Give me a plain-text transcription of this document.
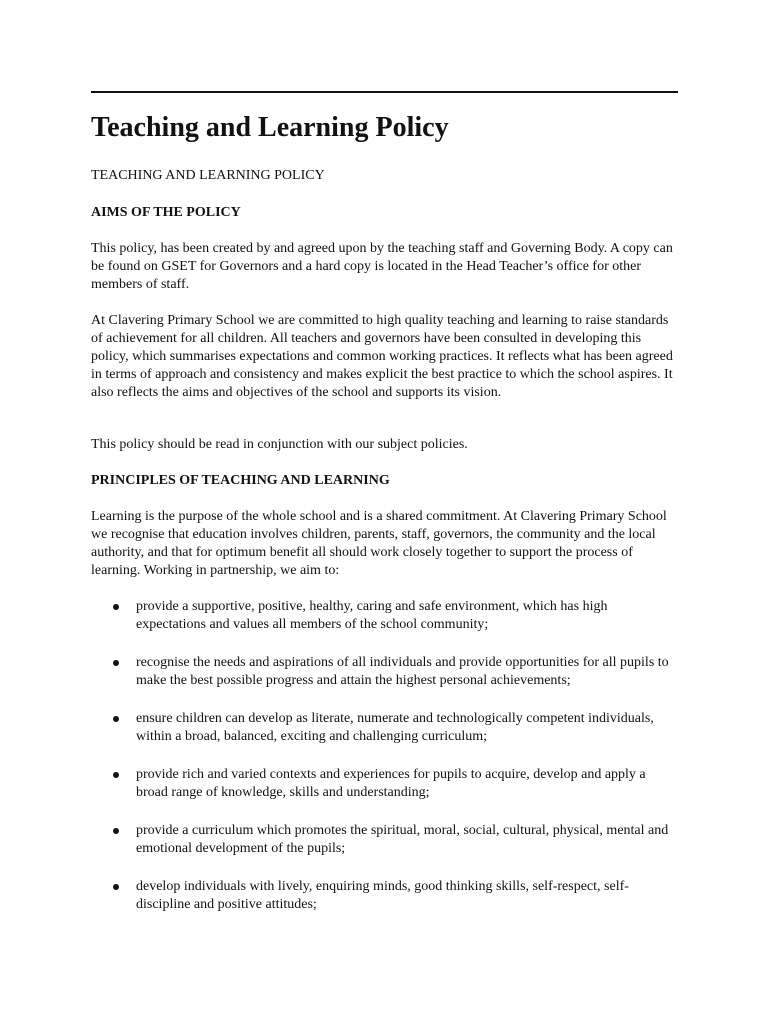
Teaching and Learning Policy
TEACHING AND LEARNING POLICY
AIMS OF THE POLICY

This policy, has been created by and agreed upon by the teaching staff and Governing Body. A copy can be found on GSET for Governors and a hard copy is located in the Head Teacher’s office for other members of staff.

At Clavering Primary School we are committed to high quality teaching and learning to raise standards of achievement for all children. All teachers and governors have been consulted in developing this policy, which summarises expectations and common working practices. It reflects what has been agreed in terms of approach and consistency and makes explicit the best practice to which the school aspires. It also reflects the aims and objectives of the school and supports its vision.

This policy should be read in conjunction with our subject policies.

PRINCIPLES OF TEACHING AND LEARNING

Learning is the purpose of the whole school and is a shared commitment. At Clavering Primary School we recognise that education involves children, parents, staff, governors, the community and the local authority, and that for optimum benefit all should work closely together to support the process of learning. Working in partnership, we aim to:

provide a supportive, positive, healthy, caring and safe environment, which has high expectations and values all members of the school community;
recognise the needs and aspirations of all individuals and provide opportunities for all pupils to make the best possible progress and attain the highest personal achievements;
ensure children can develop as literate, numerate and technologically competent individuals, within a broad, balanced, exciting and challenging curriculum;
provide rich and varied contexts and experiences for pupils to acquire, develop and apply a broad range of knowledge, skills and understanding;
provide a curriculum which promotes the spiritual, moral, social, cultural, physical, mental and emotional development of the pupils;
develop individuals with lively, enquiring minds, good thinking skills, self-respect, self-discipline and positive attitudes;
